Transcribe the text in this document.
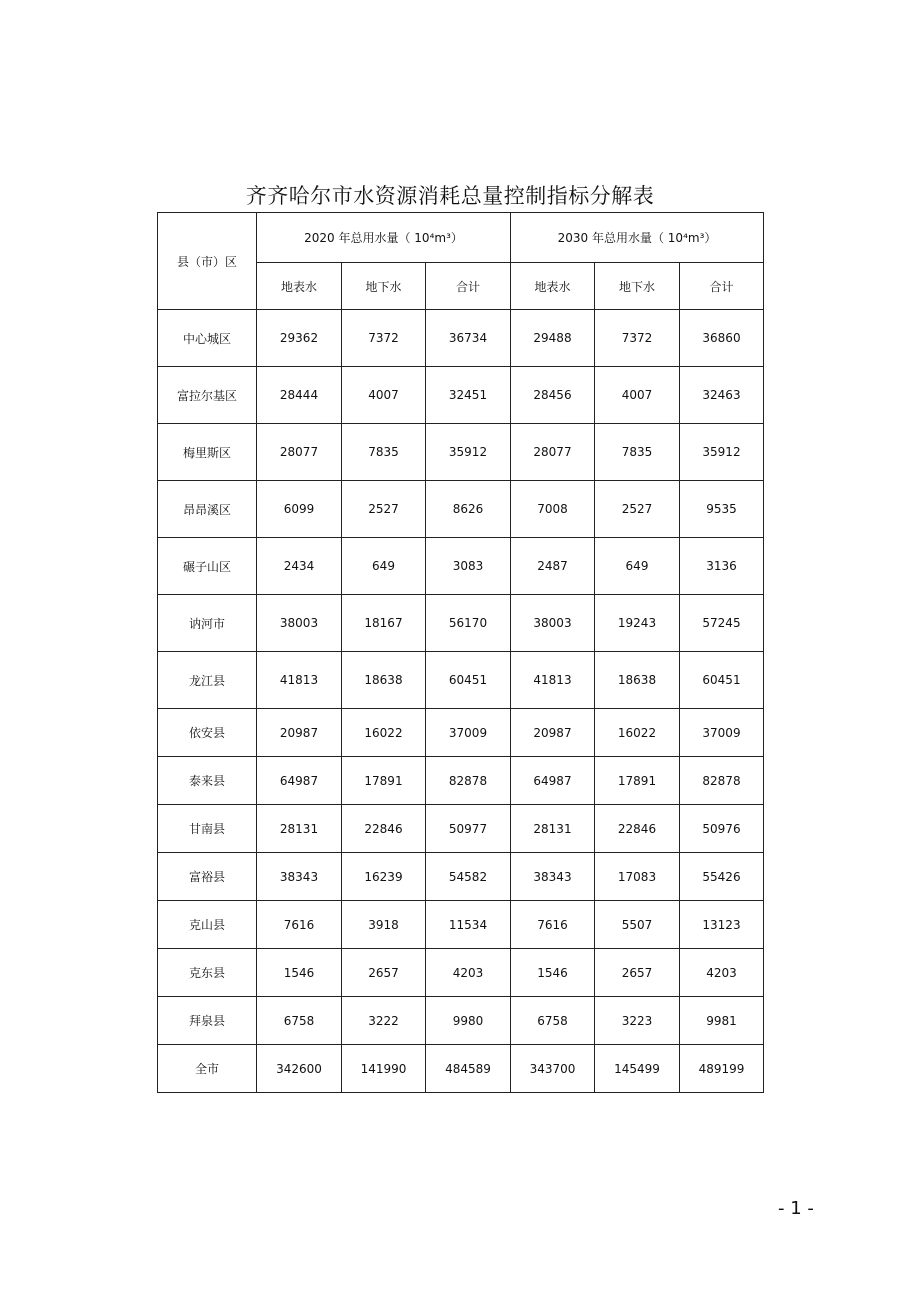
齐齐哈尔市水资源消耗总量控制指标分解表
县（市）区	2020 年总用水量（ 10⁴m³）			2030 年总用水量（ 10⁴m³）		
	地表水	地下水	合计	地表水	地下水	合计
中心城区	29362	7372	36734	29488	7372	36860
富拉尔基区	28444	4007	32451	28456	4007	32463
梅里斯区	28077	7835	35912	28077	7835	35912
昂昂溪区	6099	2527	8626	7008	2527	9535
碾子山区	2434	649	3083	2487	649	3136
讷河市	38003	18167	56170	38003	19243	57245
龙江县	41813	18638	60451	41813	18638	60451
依安县	20987	16022	37009	20987	16022	37009
泰来县	64987	17891	82878	64987	17891	82878
甘南县	28131	22846	50977	28131	22846	50976
富裕县	38343	16239	54582	38343	17083	55426
克山县	7616	3918	11534	7616	5507	13123
克东县	1546	2657	4203	1546	2657	4203
拜泉县	6758	3222	9980	6758	3223	9981
全市	342600	141990	484589	343700	145499	489199
- 1 -
